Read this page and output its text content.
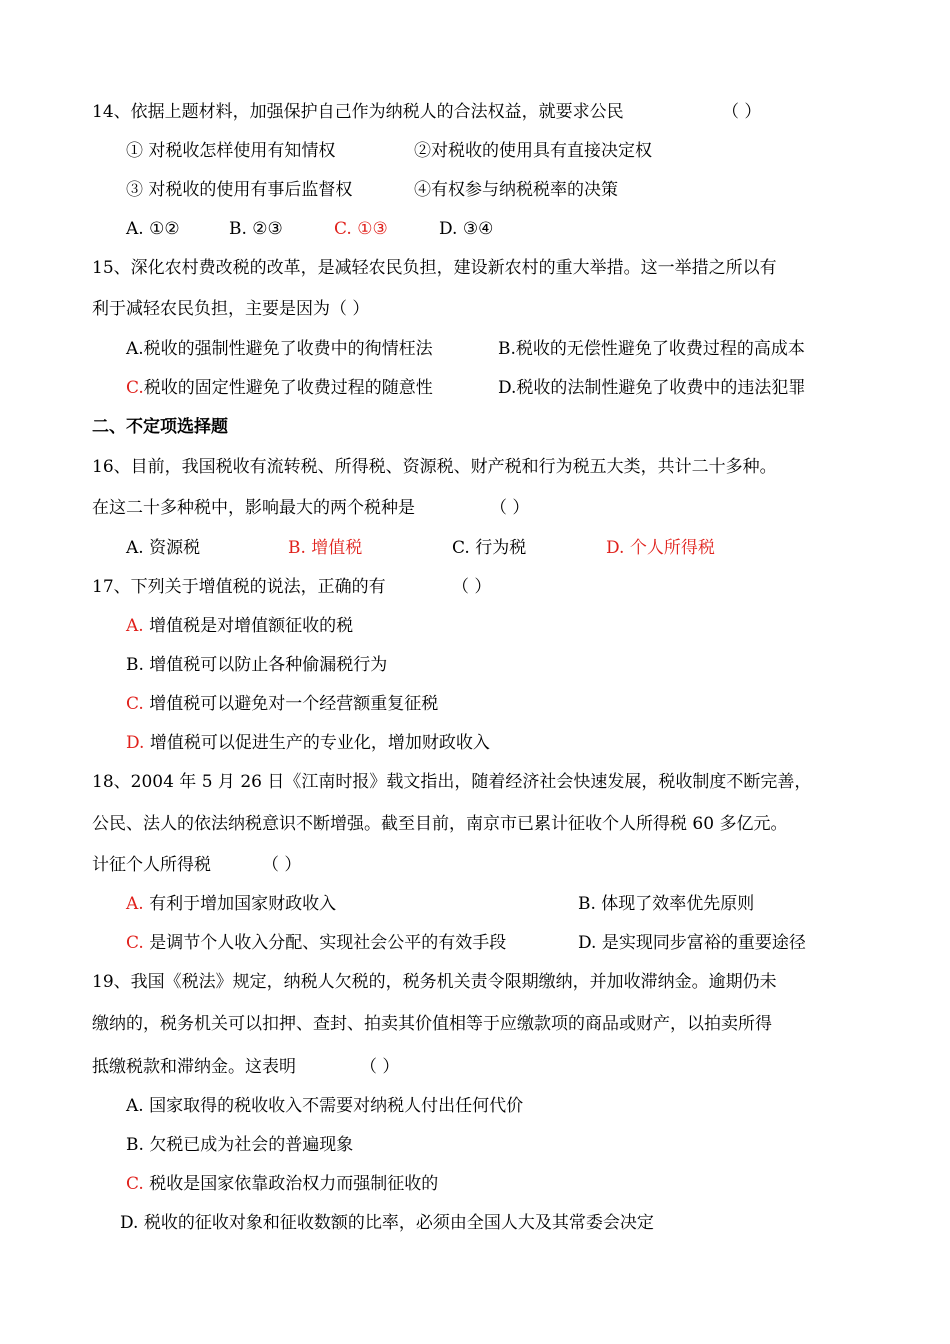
14、依据上题材料，加强保护自己作为纳税人的合法权益，就要求公民	（ ）
① 对税收怎样使用有知情权	②对税收的使用具有直接决定权
③ 对税收的使用有事后监督权	④有权参与纳税税率的决策
A. ①②	B. ②③	C. ①③	D. ③④
15、深化农村费改税的改革，是减轻农民负担，建设新农村的重大举措。这一举措之所以有
利于减轻农民负担，主要是因为（ ）
A.税收的强制性避免了收费中的徇情枉法	B.税收的无偿性避免了收费过程的高成本
C.税收的固定性避免了收费过程的随意性	D.税收的法制性避免了收费中的违法犯罪
二、不定项选择题
16、目前，我国税收有流转税、所得税、资源税、财产税和行为税五大类，共计二十多种。
在这二十多种税中，影响最大的两个税种是	（ ）
A. 资源税	B. 增值税	C. 行为税	D. 个人所得税
17、下列关于增值税的说法，正确的有	（ ）
A. 增值税是对增值额征收的税
B. 增值税可以防止各种偷漏税行为
C. 增值税可以避免对一个经营额重复征税
D. 增值税可以促进生产的专业化，增加财政收入
18、2004 年 5 月 26 日《江南时报》载文指出，随着经济社会快速发展，税收制度不断完善，
公民、法人的依法纳税意识不断增强。截至目前，南京市已累计征收个人所得税 60 多亿元。
计征个人所得税	（ ）
A. 有利于增加国家财政收入	B. 体现了效率优先原则
C. 是调节个人收入分配、实现社会公平的有效手段	D. 是实现同步富裕的重要途径
19、我国《税法》规定，纳税人欠税的，税务机关责令限期缴纳，并加收滞纳金。逾期仍未
缴纳的，税务机关可以扣押、查封、拍卖其价值相等于应缴款项的商品或财产，以拍卖所得
抵缴税款和滞纳金。这表明	（ ）
A. 国家取得的税收收入不需要对纳税人付出任何代价
B. 欠税已成为社会的普遍现象
C. 税收是国家依靠政治权力而强制征收的
D. 税收的征收对象和征收数额的比率，必须由全国人大及其常委会决定
